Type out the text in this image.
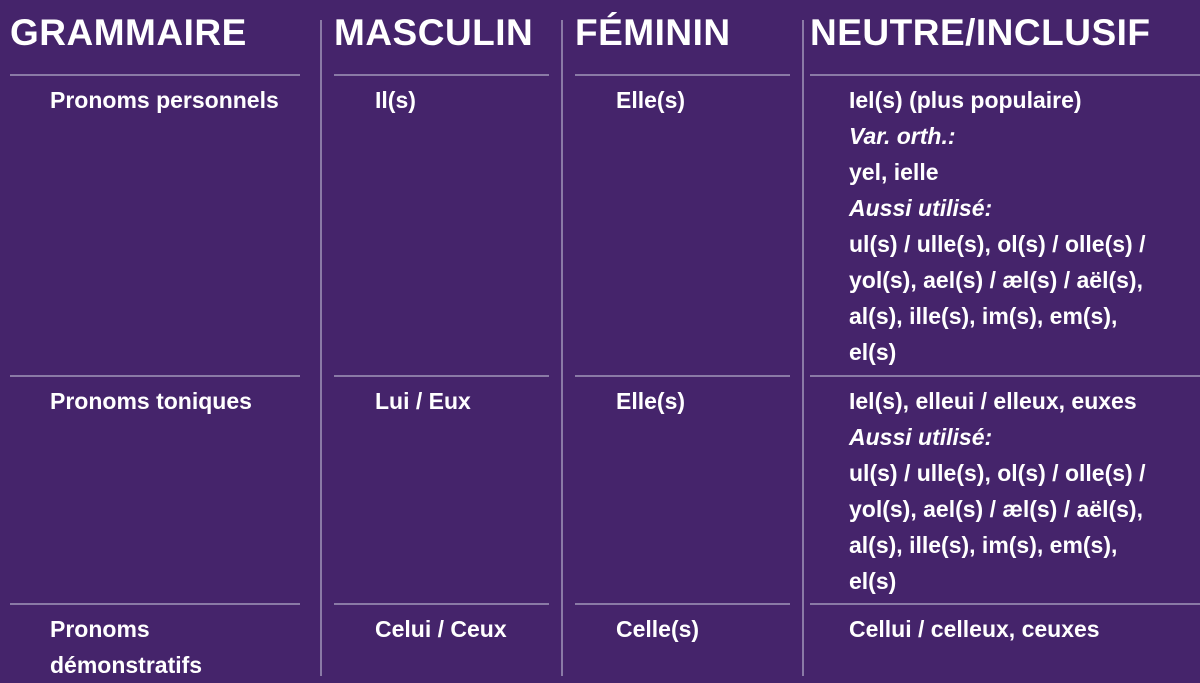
GRAMMAIRE MASCULIN FÉMININ NEUTRE/INCLUSIF
Pronoms personnels	Il(s)	Elle(s)	Iel(s) (plus populaire)
Var. orth.:
yel, ielle
Aussi utilisé:
ul(s) / ulle(s), ol(s) / olle(s) /
yol(s), ael(s) / æl(s) / aël(s),
al(s), ille(s), im(s), em(s),
el(s)
Pronoms toniques	Lui / Eux	Elle(s)	Iel(s), elleui / elleux, euxes
Aussi utilisé:
ul(s) / ulle(s), ol(s) / olle(s) /
yol(s), ael(s) / æl(s) / aël(s),
al(s), ille(s), im(s), em(s),
el(s)
Pronoms
démonstratifs
Celui / Ceux	Celle(s)	Cellui / celleux, ceuxes
